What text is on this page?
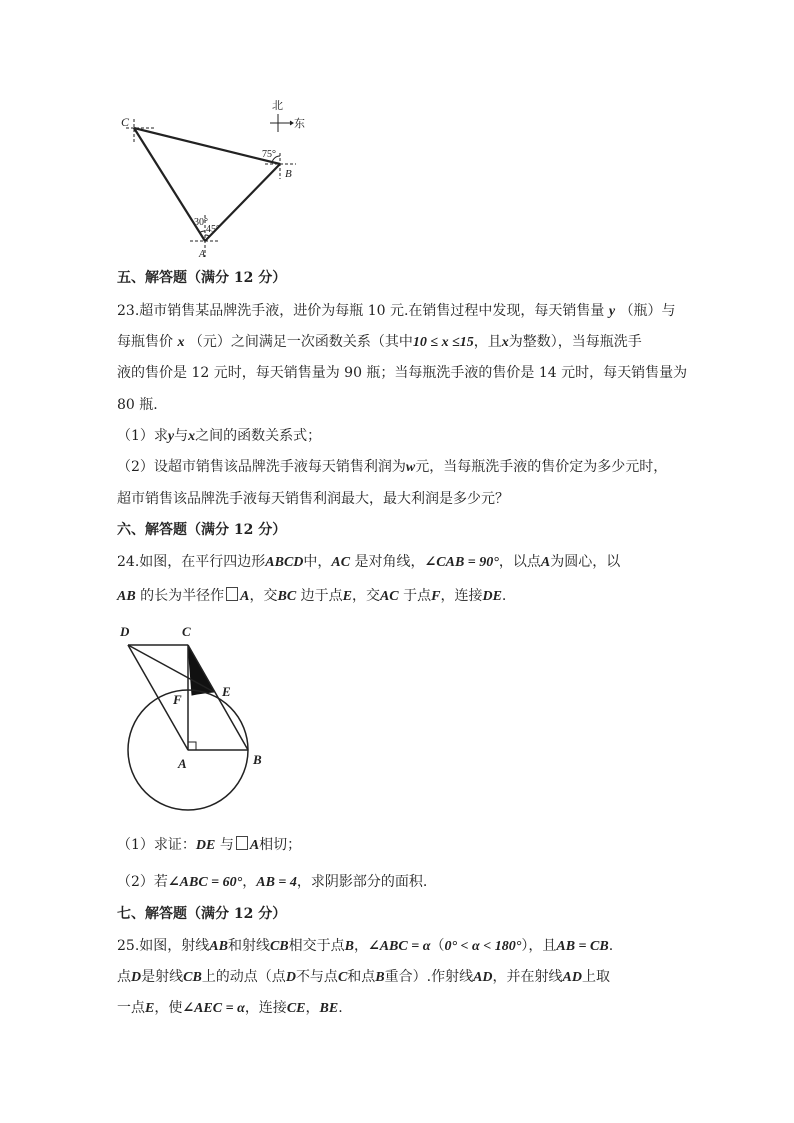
北
东
C
B
A
75°
30°
45°
五、解答题（满分 12 分）
23.超市销售某品牌洗手液，进价为每瓶 10 元.在销售过程中发现，每天销售量 y （瓶）与
每瓶售价 x （元）之间满足一次函数关系（其中10 ≤ x ≤15，且x为整数），当每瓶洗手
液的售价是 12 元时，每天销售量为 90 瓶；当每瓶洗手液的售价是 14 元时，每天销售量为
80 瓶.
（1）求y与x之间的函数关系式；
（2）设超市销售该品牌洗手液每天销售利润为w元，当每瓶洗手液的售价定为多少元时，
超市销售该品牌洗手液每天销售利润最大，最大利润是多少元？
六、解答题（满分 12 分）
24.如图，在平行四边形ABCD中，AC 是对角线，∠CAB = 90°，以点A为圆心，以
AB 的长为半径作 A，交BC 边于点E，交AC 于点F，连接DE.
D	C
F
E
A	B
（1）求证：DE 与 A相切；
（2）若∠ABC = 60°，AB = 4，求阴影部分的面积.
七、解答题（满分 12 分）
25.如图，射线AB和射线CB相交于点B，∠ABC = α（0° < α < 180°），且AB = CB.
点D是射线CB上的动点（点D不与点C和点B重合）.作射线AD，并在射线AD上取
一点E，使∠AEC = α，连接CE，BE.
